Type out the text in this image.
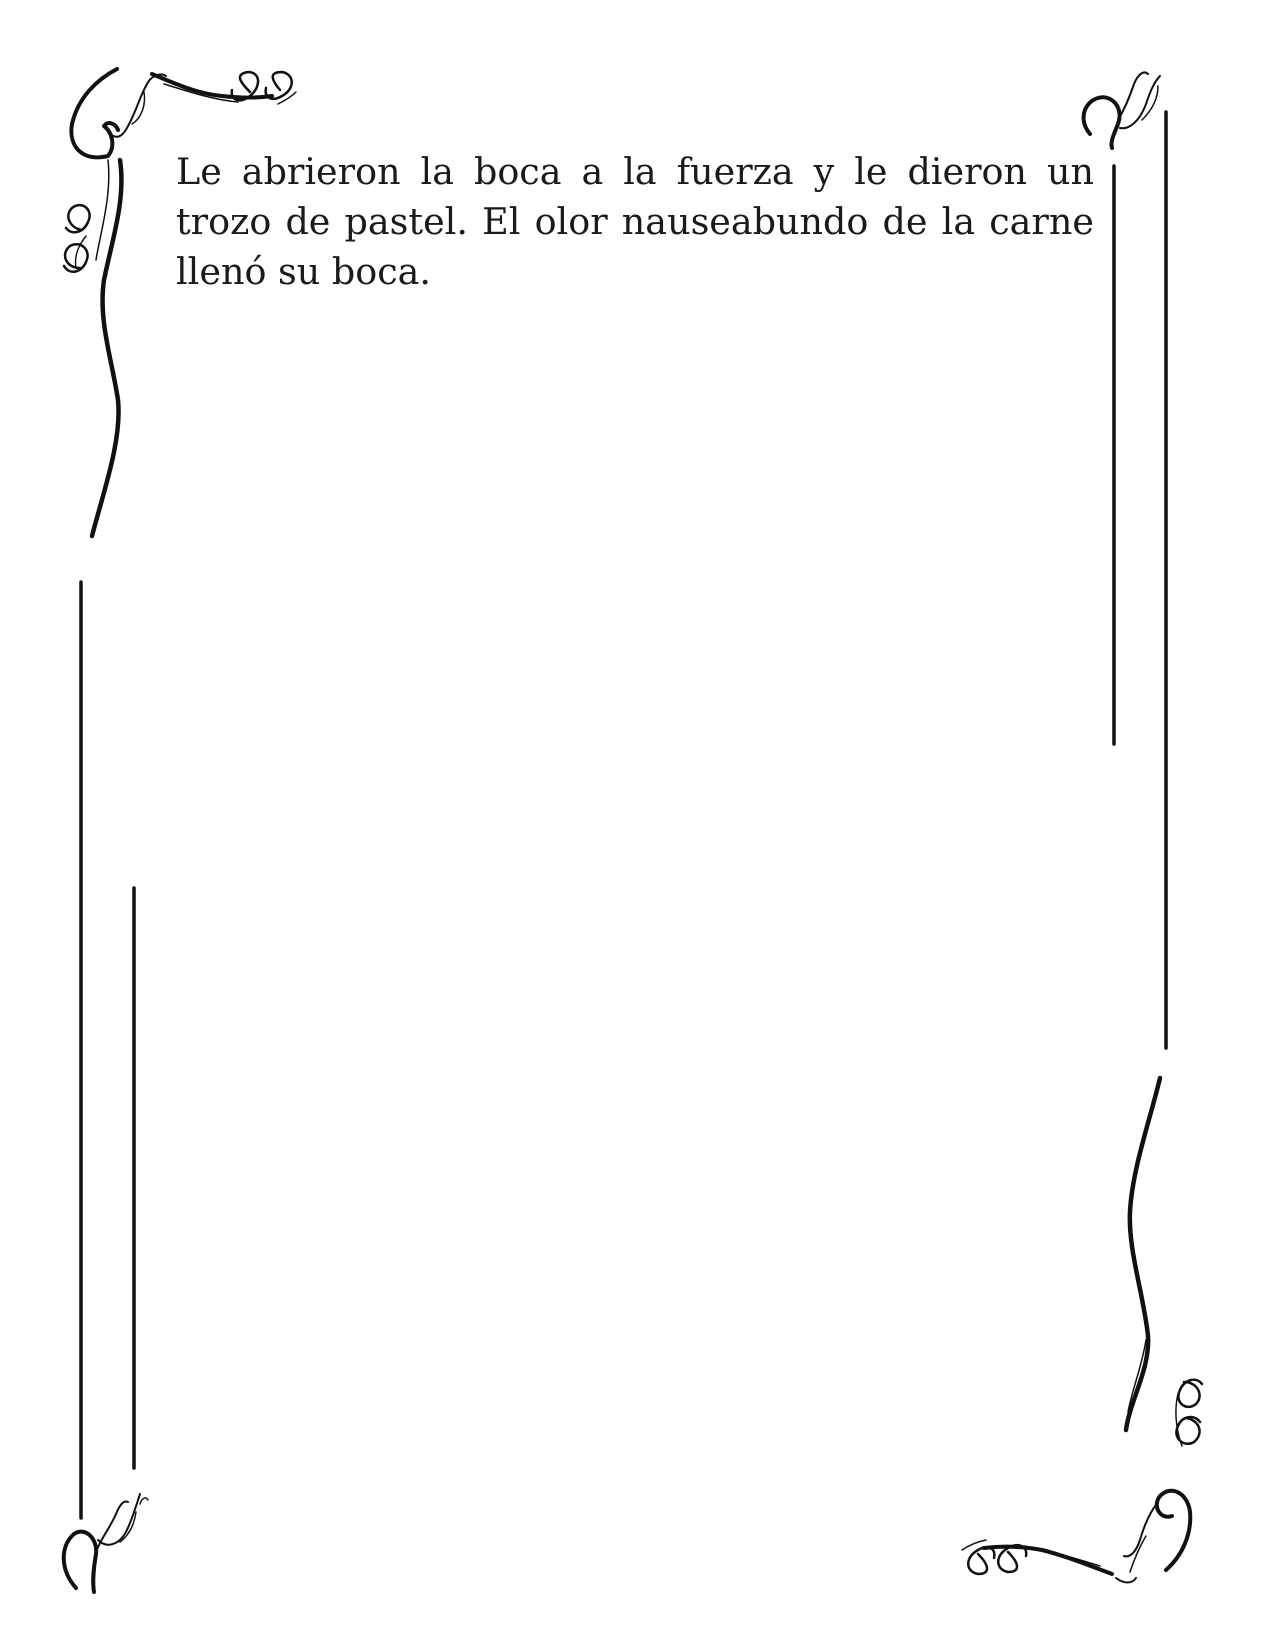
Le abrieron la boca a la fuerza y le dieron un trozo de pastel. El olor nauseabundo de la carne llenó su boca.
